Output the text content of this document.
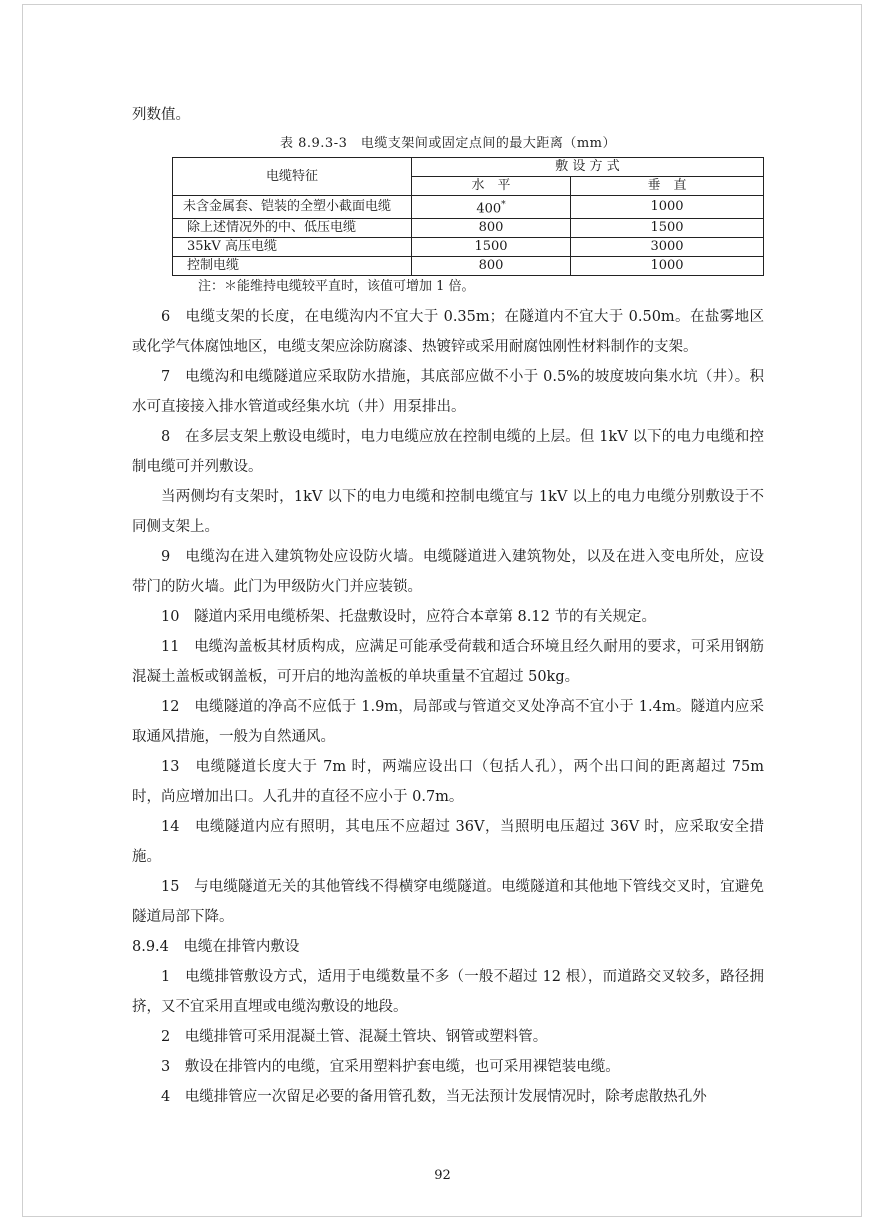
列数值。

表 8.9.3-3　电缆支架间或固定点间的最大距离（mm）
电缆特征	敷 设 方 式	
	水　平	垂　直
未含金属套、铠装的全塑小截面电缆	400*	1000
除上述情况外的中、低压电缆	800	1500
35kV 高压电缆	1500	3000
控制电缆	800	1000
注：＊能维持电缆较平直时，该值可增加 1 倍。

6　电缆支架的长度，在电缆沟内不宜大于 0.35m；在隧道内不宜大于 0.50m。在盐雾地区或化学气体腐蚀地区，电缆支架应涂防腐漆、热镀锌或采用耐腐蚀刚性材料制作的支架。

7　电缆沟和电缆隧道应采取防水措施，其底部应做不小于 0.5%的坡度坡向集水坑（井）。积水可直接接入排水管道或经集水坑（井）用泵排出。

8　在多层支架上敷设电缆时，电力电缆应放在控制电缆的上层。但 1kV 以下的电力电缆和控制电缆可并列敷设。

当两侧均有支架时，1kV 以下的电力电缆和控制电缆宜与 1kV 以上的电力电缆分别敷设于不同侧支架上。

9　电缆沟在进入建筑物处应设防火墙。电缆隧道进入建筑物处，以及在进入变电所处，应设带门的防火墙。此门为甲级防火门并应装锁。

10　隧道内采用电缆桥架、托盘敷设时，应符合本章第 8.12 节的有关规定。

11　电缆沟盖板其材质构成，应满足可能承受荷载和适合环境且经久耐用的要求，可采用钢筋混凝土盖板或钢盖板，可开启的地沟盖板的单块重量不宜超过 50kg。

12　电缆隧道的净高不应低于 1.9m，局部或与管道交叉处净高不宜小于 1.4m。隧道内应采取通风措施，一般为自然通风。

13　电缆隧道长度大于 7m 时，两端应设出口（包括人孔），两个出口间的距离超过 75m 时，尚应增加出口。人孔井的直径不应小于 0.7m。

14　电缆隧道内应有照明，其电压不应超过 36V，当照明电压超过 36V 时，应采取安全措施。

15　与电缆隧道无关的其他管线不得横穿电缆隧道。电缆隧道和其他地下管线交叉时，宜避免隧道局部下降。

8.9.4　电缆在排管内敷设

1　电缆排管敷设方式，适用于电缆数量不多（一般不超过 12 根），而道路交叉较多，路径拥挤，又不宜采用直埋或电缆沟敷设的地段。

2　电缆排管可采用混凝土管、混凝土管块、钢管或塑料管。

3　敷设在排管内的电缆，宜采用塑料护套电缆，也可采用裸铠装电缆。

4　电缆排管应一次留足必要的备用管孔数，当无法预计发展情况时，除考虑散热孔外

92
